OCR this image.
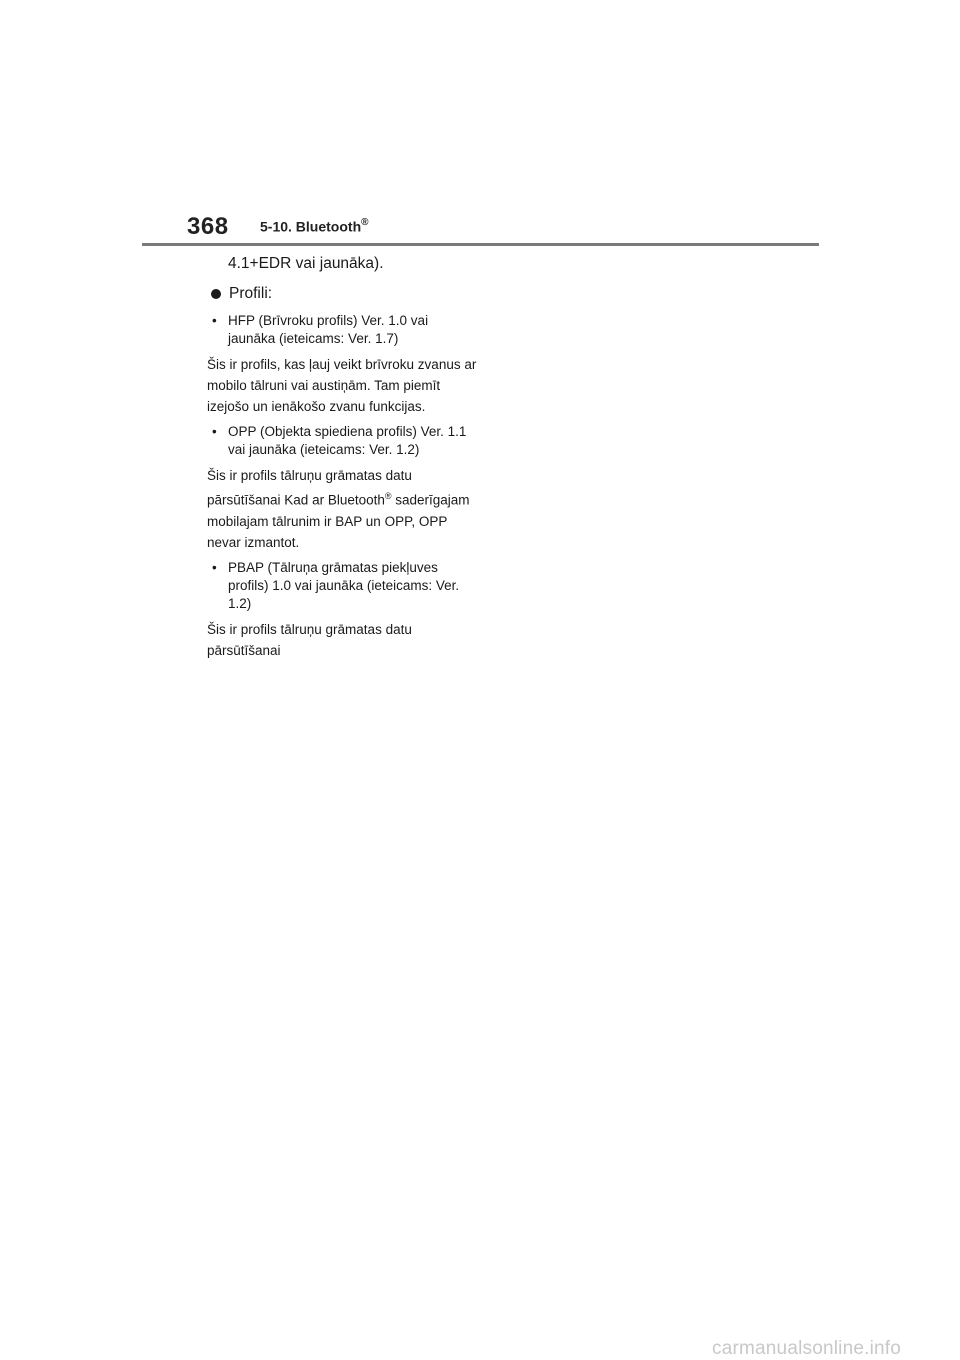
368 5-10. Bluetooth®
4.1+EDR vai jaunāka).
Profili:
• HFP (Brīvroku profils) Ver. 1.0 vai jaunāka (ieteicams: Ver. 1.7)
Šis ir profils, kas ļauj veikt brīvroku zvanus ar mobilo tālruni vai austiņām. Tam piemīt izejošo un ienākošo zvanu funkcijas.
• OPP (Objekta spiediena profils) Ver. 1.1 vai jaunāka (ieteicams: Ver. 1.2)
Šis ir profils tālruņu grāmatas datu pārsūtīšanai Kad ar Bluetooth® saderīgajam mobilajam tālrunim ir BAP un OPP, OPP nevar izmantot.
• PBAP (Tālruņa grāmatas piekļuves profils) 1.0 vai jaunāka (ieteicams: Ver. 1.2)
Šis ir profils tālruņu grāmatas datu pārsūtīšanai
carmanualsonline.info
